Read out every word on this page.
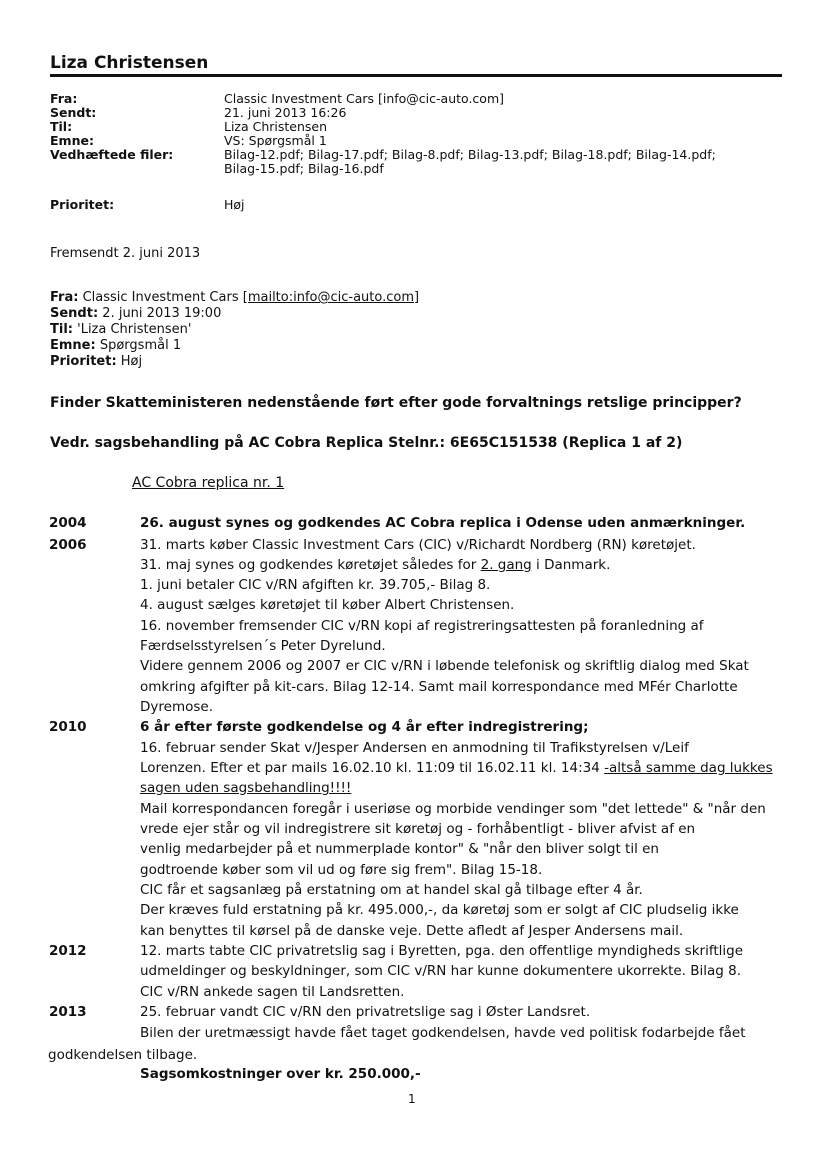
Liza Christensen
Fra:	Classic Investment Cars [info@cic-auto.com]
Sendt:	21. juni 2013 16:26
Til:	Liza Christensen
Emne:	VS: Spørgsmål 1
Vedhæftede filer:	Bilag-12.pdf; Bilag-17.pdf; Bilag-8.pdf; Bilag-13.pdf; Bilag-18.pdf; Bilag-14.pdf;
Bilag-15.pdf; Bilag-16.pdf
Prioritet:	Høj
Fremsendt 2. juni 2013
Fra: Classic Investment Cars [mailto:info@cic-auto.com]
Sendt: 2. juni 2013 19:00
Til: 'Liza Christensen'
Emne: Spørgsmål 1
Prioritet: Høj
Finder Skatteministeren nedenstående ført efter gode forvaltnings retslige principper?
Vedr. sagsbehandling på AC Cobra Replica Stelnr.: 6E65C151538 (Replica 1 af 2)
AC Cobra replica nr. 1
2004	26. august synes og godkendes AC Cobra replica i Odense uden anmærkninger.
2006	31. marts køber Classic Investment Cars (CIC) v/Richardt Nordberg (RN) køretøjet.
31. maj synes og godkendes køretøjet således for 2. gang i Danmark.
1. juni betaler CIC v/RN afgiften kr. 39.705,- Bilag 8.
4. august sælges køretøjet til køber Albert Christensen.
16. november fremsender CIC v/RN kopi af registreringsattesten på foranledning af
Færdselsstyrelsen´s Peter Dyrelund.
Videre gennem 2006 og 2007 er CIC v/RN i løbende telefonisk og skriftlig dialog med Skat
omkring afgifter på kit-cars. Bilag 12-14. Samt mail korrespondance med MFér Charlotte
Dyremose.
2010	6 år efter første godkendelse og 4 år efter indregistrering;
16. februar sender Skat v/Jesper Andersen en anmodning til Trafikstyrelsen v/Leif
Lorenzen. Efter et par mails 16.02.10 kl. 11:09 til 16.02.11 kl. 14:34 -altså samme dag lukkes
sagen uden sagsbehandling!!!!
Mail korrespondancen foregår i useriøse og morbide vendinger som "det lettede" & "når den
vrede ejer står og vil indregistrere sit køretøj og - forhåbentligt - bliver afvist af en
venlig medarbejder på et nummerplade kontor" & "når den bliver solgt til en
godtroende køber som vil ud og føre sig frem". Bilag 15-18.
CIC får et sagsanlæg på erstatning om at handel skal gå tilbage efter 4 år.
Der kræves fuld erstatning på kr. 495.000,-, da køretøj som er solgt af CIC pludselig ikke
kan benyttes til kørsel på de danske veje. Dette afledt af Jesper Andersens mail.
2012	12. marts tabte CIC privatretslig sag i Byretten, pga. den offentlige myndigheds skriftlige
udmeldinger og beskyldninger, som CIC v/RN har kunne dokumentere ukorrekte. Bilag 8.
CIC v/RN ankede sagen til Landsretten.
2013	25. februar vandt CIC v/RN den privatretslige sag i Øster Landsret.
Bilen der uretmæssigt havde fået taget godkendelsen, havde ved politisk fodarbejde fået
godkendelsen tilbage.
Sagsomkostninger over kr. 250.000,-
1
